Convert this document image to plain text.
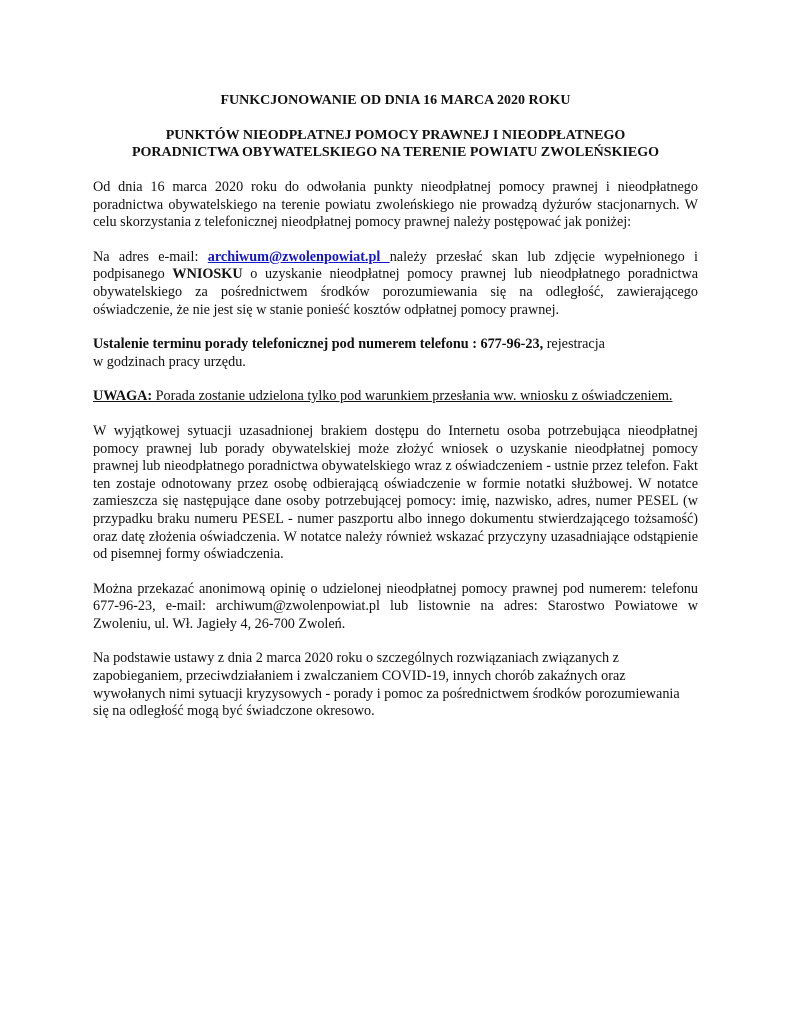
FUNKCJONOWANIE OD DNIA 16 MARCA 2020 ROKU
PUNKTÓW NIEODPŁATNEJ POMOCY PRAWNEJ I NIEODPŁATNEGO
PORADNICTWA OBYWATELSKIEGO NA TERENIE POWIATU ZWOLEŃSKIEGO

Od dnia 16 marca 2020 roku do odwołania punkty nieodpłatnej pomocy prawnej i nieodpłatnego poradnictwa obywatelskiego na terenie powiatu zwoleńskiego nie prowadzą dyżurów stacjonarnych. W celu skorzystania z telefonicznej nieodpłatnej pomocy prawnej należy postępować jak poniżej:

Na adres e-mail: archiwum@zwolenpowiat.pl należy przesłać skan lub zdjęcie wypełnionego i podpisanego WNIOSKU o uzyskanie nieodpłatnej pomocy prawnej lub nieodpłatnego poradnictwa obywatelskiego za pośrednictwem środków porozumiewania się na odległość, zawierającego oświadczenie, że nie jest się w stanie ponieść kosztów odpłatnej pomocy prawnej.

Ustalenie terminu porady telefonicznej pod numerem telefonu : 677-96-23, rejestracja
w godzinach pracy urzędu.

UWAGA: Porada zostanie udzielona tylko pod warunkiem przesłania ww. wniosku z oświadczeniem.

W wyjątkowej sytuacji uzasadnionej brakiem dostępu do Internetu osoba potrzebująca nieodpłatnej pomocy prawnej lub porady obywatelskiej może złożyć wniosek o uzyskanie nieodpłatnej pomocy prawnej lub nieodpłatnego poradnictwa obywatelskiego wraz z oświadczeniem - ustnie przez telefon. Fakt ten zostaje odnotowany przez osobę odbierającą oświadczenie w formie notatki służbowej. W notatce zamieszcza się następujące dane osoby potrzebującej pomocy: imię, nazwisko, adres, numer PESEL (w przypadku braku numeru PESEL - numer paszportu albo innego dokumentu stwierdzającego tożsamość) oraz datę złożenia oświadczenia. W notatce należy również wskazać przyczyny uzasadniające odstąpienie od pisemnej formy oświadczenia.

Można przekazać anonimową opinię o udzielonej nieodpłatnej pomocy prawnej pod numerem: telefonu 677-96-23, e-mail: archiwum@zwolenpowiat.pl lub listownie na adres: Starostwo Powiatowe w Zwoleniu, ul. Wł. Jagieły 4, 26-700 Zwoleń.

Na podstawie ustawy z dnia 2 marca 2020 roku o szczególnych rozwiązaniach związanych z zapobieganiem, przeciwdziałaniem i zwalczaniem COVID-19, innych chorób zakaźnych oraz wywołanych nimi sytuacji kryzysowych - porady i pomoc za pośrednictwem środków porozumiewania się na odległość mogą być świadczone okresowo.
